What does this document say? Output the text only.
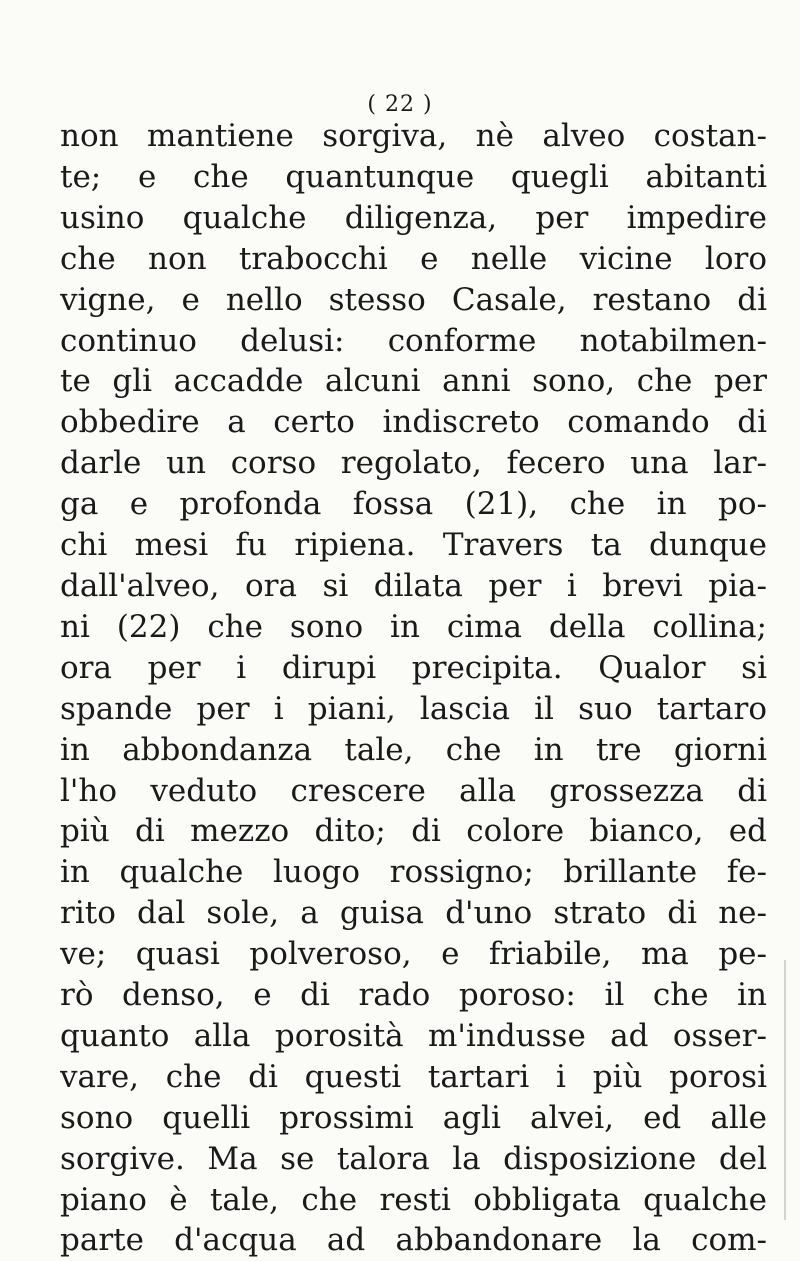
( 22 )
non mantiene sorgiva, nè alveo costan-
te; e che quantunque quegli abitanti
usino qualche diligenza, per impedire
che non trabocchi e nelle vicine loro
vigne, e nello stesso Casale, restano di
continuo delusi: conforme notabilmen-
te gli accadde alcuni anni sono, che per
obbedire a certo indiscreto comando di
darle un corso regolato, fecero una lar-
ga e profonda fossa (21), che in po-
chi mesi fu ripiena. Travers ta dunque
dall'alveo, ora si dilata per i brevi pia-
ni (22) che sono in cima della collina;
ora per i dirupi precipita. Qualor si
spande per i piani, lascia il suo tartaro
in abbondanza tale, che in tre giorni
l'ho veduto crescere alla grossezza di
più di mezzo dito; di colore bianco, ed
in qualche luogo rossigno; brillante fe-
rito dal sole, a guisa d'uno strato di ne-
ve; quasi polveroso, e friabile, ma pe-
rò denso, e di rado poroso: il che in
quanto alla porosità m'indusse ad osser-
vare, che di questi tartari i più porosi
sono quelli prossimi agli alvei, ed alle
sorgive. Ma se talora la disposizione del
piano è tale, che resti obbligata qualche
parte d'acqua ad abbandonare la com-
